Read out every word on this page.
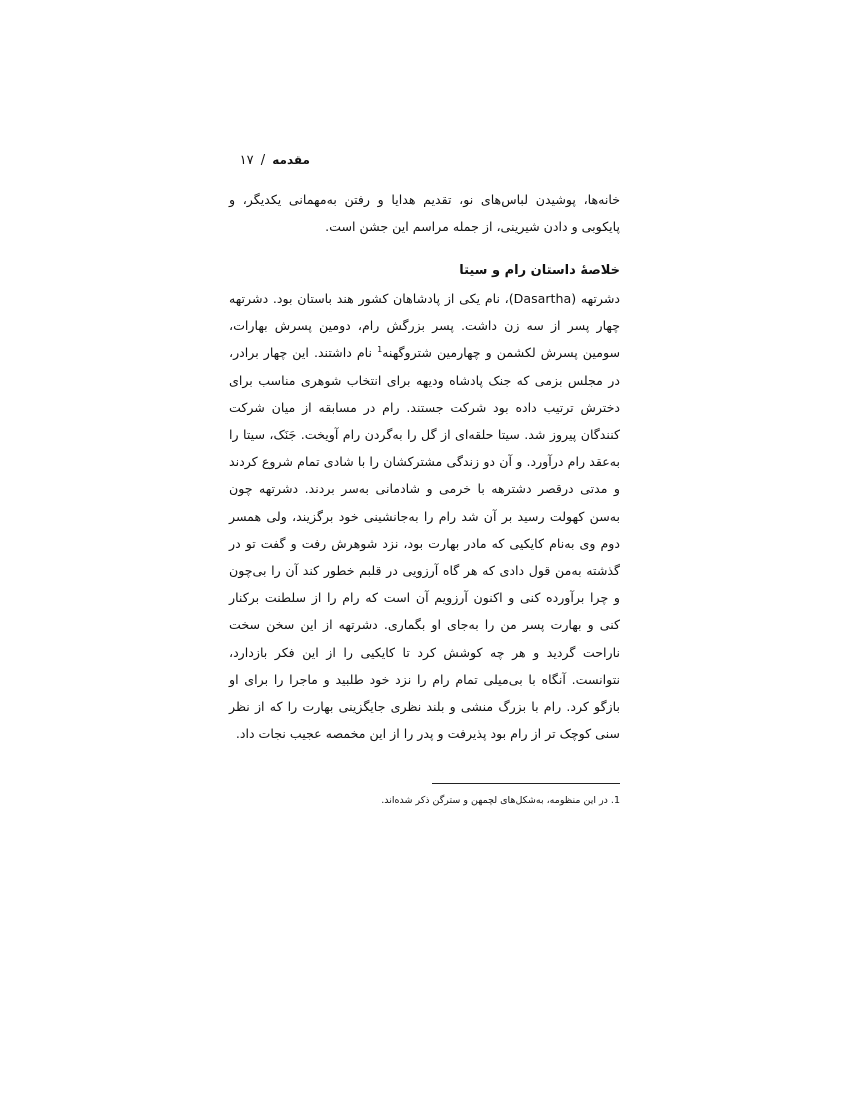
مقدمه / ۱۷

خانه‌ها، پوشیدن لباس‌های نو، تقدیم هدایا و رفتن به‌مهمانی یکدیگر، و پایکوبی و دادن شیرینی، از جمله مراسم این جشن است.

خلاصهٔ داستان رام و سیتا

دشرتهه (Dasartha)، نام یکی از پادشاهان کشور هند باستان بود. دشرتهه چهار پسر از سه زن داشت. پسر بزرگش رام، دومین پسرش بهارات، سومین پسرش لکشمن و چهارمین شتروگهنه$^1$ نام داشتند. این چهار برادر، در مجلس بزمی که جنک پادشاه ودیهه برای انتخاب شوهری مناسب برای دخترش ترتیب داده بود شرکت جستند. رام در مسابقه از میان شرکت کنندگان پیروز شد. سیتا حلقه‌ای از گل را به‌گردن رام آویخت. جَنَک، سیتا را به‌عقد رام درآورد. و آن دو زندگی مشترکشان را با شادی تمام شروع کردند و مدتی درقصر دشترهه با خرمی و شادمانی به‌سر بردند. دشرتهه چون به‌سن کهولت رسید بر آن شد رام را به‌جانشینی خود برگزیند، ولی همسر دوم وی به‌نام کایکیی که مادر بهارت بود، نزد شوهرش رفت و گفت تو در گذشته به‌من قول دادی که هر گاه آرزویی در قلبم خطور کند آن را بی‌چون و چرا برآورده کنی و اکنون آرزویم آن است که رام را از سلطنت برکنار کنی و بهارت پسر من را به‌جای او بگماری. دشرتهه از این سخن سخت ناراحت گردید و هر چه کوشش کرد تا کایکیی را از این فکر بازدارد، نتوانست. آنگاه با بی‌میلی تمام رام را نزد خود طلبید و ماجرا را برای او بازگو کرد. رام با بزرگ منشی و بلند نظری جایگزینی بهارت را که از نظر سنی کوچک تر از رام بود پذیرفت و پدر را از این مخمصه عجیب نجات داد.

1. در این منظومه، به‌شکل‌های لچمهن و سترگن ذکر شده‌اند.
